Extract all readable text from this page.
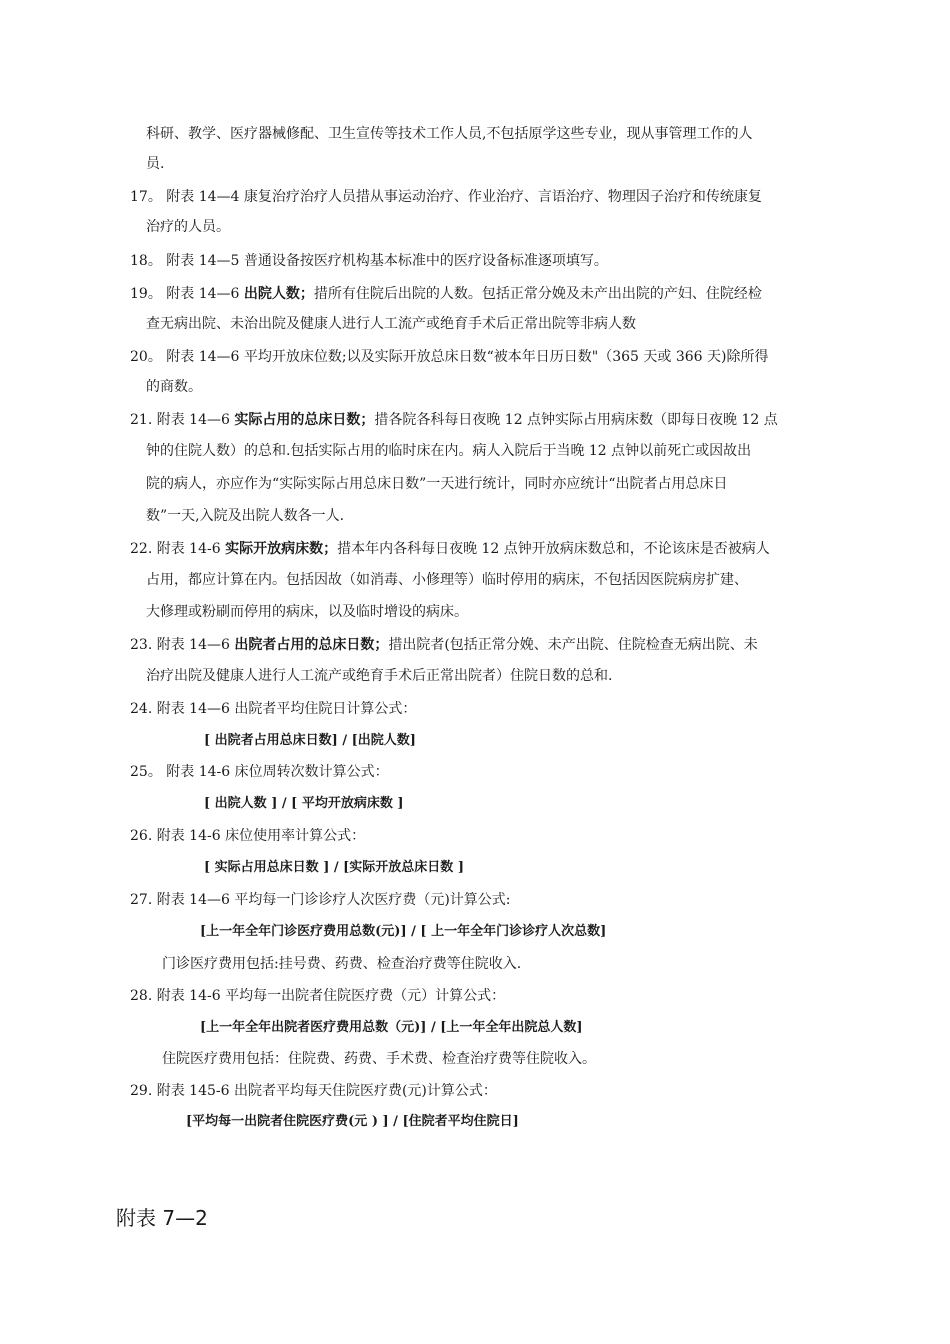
科研、教学、医疗器械修配、卫生宣传等技术工作人员,不包括原学这些专业，现从事管理工作的人
员.
17。 附表 14—4 康复治疗治疗人员措从事运动治疗、作业治疗、言语治疗、物理因子治疗和传统康复
治疗的人员。
18。 附表 14—5 普通设备按医疗机构基本标准中的医疗设备标准逐项填写。
19。 附表 14—6 出院人数；措所有住院后出院的人数。包括正常分娩及未产出出院的产妇、住院经检
查无病出院、未治出院及健康人进行人工流产或绝育手术后正常出院等非病人数
20。 附表 14—6 平均开放床位数;以及实际开放总床日数“被本年日历日数"（365 天或 366 天)除所得
的商数。
21. 附表 14—6 实际占用的总床日数；措各院各科每日夜晚 12 点钟实际占用病床数（即每日夜晚 12 点
钟的住院人数）的总和.包括实际占用的临时床在内。病人入院后于当晚 12 点钟以前死亡或因故出
院的病人，亦应作为“实际实际占用总床日数”一天进行统计，同时亦应统计“出院者占用总床日
数”一天,入院及出院人数各一人.
22. 附表 14-6 实际开放病床数；措本年内各科每日夜晚 12 点钟开放病床数总和，不论该床是否被病人
占用，都应计算在内。包括因故（如消毒、小修理等）临时停用的病床，不包括因医院病房扩建、
大修理或粉刷而停用的病床，以及临时增设的病床。
23. 附表 14—6 出院者占用的总床日数；措出院者(包括正常分娩、未产出院、住院检查无病出院、未
治疗出院及健康人进行人工流产或绝育手术后正常出院者）住院日数的总和.
24. 附表 14—6 出院者平均住院日计算公式：
[ 出院者占用总床日数] / [出院人数]
25。 附表 14-6 床位周转次数计算公式：
[ 出院人数 ] / [ 平均开放病床数 ]
26. 附表 14-6 床位使用率计算公式：
[ 实际占用总床日数 ] / [实际开放总床日数 ]
27. 附表 14—6 平均每一门诊诊疗人次医疗费（元)计算公式:
[上一年全年门诊医疗费用总数(元)] / [ 上一年全年门诊诊疗人次总数]
门诊医疗费用包括:挂号费、药费、检查治疗费等住院收入.
28. 附表 14-6 平均每一出院者住院医疗费（元）计算公式：
[上一年全年出院者医疗费用总数（元)] / [上一年全年出院总人数]
住院医疗费用包括：住院费、药费、手术费、检查治疗费等住院收入。
29. 附表 145-6 出院者平均每天住院医疗费(元)计算公式：
[平均每一出院者住院医疗费(元 ) ] / [住院者平均住院日]
附表 7—2
